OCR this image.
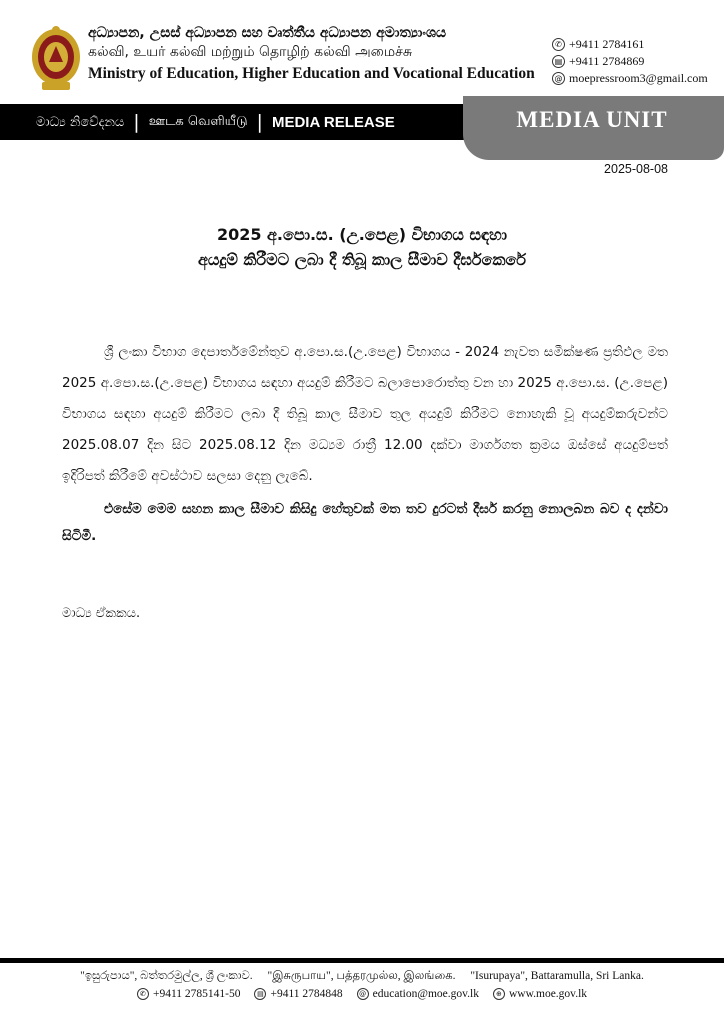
අධ්‍යාපන, උසස් අධ්‍යාපන සහ වෘත්තීය අධ්‍යාපන අමාත්‍යාංශය
கல்வி, உயர் கல்வி மற்றும் தொழிற் கல்வி அமைச்சு
Ministry of Education, Higher Education and Vocational Education
✆ +9411 2784161
▤ +9411 2784869
@ moepressroom3@gmail.com
මාධ්‍ය නිවේදනය | ஊடக வெளியீடு | MEDIA RELEASE	MEDIA UNIT
2025-08-08
2025 අ.පො.ස. (උ.පෙළ) විභාගය සඳහා
අයදුම් කිරීමට ලබා දී තිබූ කාල සීමාව දීර්ඝකෙරේ

ශ්‍රී ලංකා විභාග දෙපාර්තමේන්තුව අ.පො.ස.(උ.පෙළ) විභාගය - 2024 නැවත සමීක්ෂණ ප්‍රතිඵල මත 2025 අ.පො.ස.(උ.පෙළ) විභාගය සඳහා අයදුම් කිරීමට බලාපොරොත්තු වන හා 2025 අ.පො.ස. (උ.පෙළ) විභාගය සඳහා අයදුම් කිරීමට ලබා දී තිබූ කාල සීමාව තුල අයදුම් කිරීමට නොහැකි වූ අයදුම්කරුවන්ට 2025.08.07 දින සිට 2025.08.12 දින මධ්‍යම රාත්‍රී 12.00 දක්වා මාර්ගගත ක්‍රමය ඔස්සේ අයදුම්පත් ඉදිරිපත් කිරීමේ අවස්ථාව සලසා දෙනු ලැබේ.

එසේම මෙම සහන කාල සීමාව කිසිදු හේතුවක් මත තව දුරටත් දීර්ඝ කරනු නොලබන බව ද දන්වා සිටිමී.

මාධ්‍ය ඒකකය.
"ඉසුරුපාය", බත්තරමුල්ල, ශ්‍රී ලංකාව. "இசுருபாய", பத்தரமுல்ல, இலங்கை. "Isurupaya", Battaramulla, Sri Lanka.
✆ +9411 2785141-50	▤ +9411 2784848	@ education@moe.gov.lk	⊕ www.moe.gov.lk
